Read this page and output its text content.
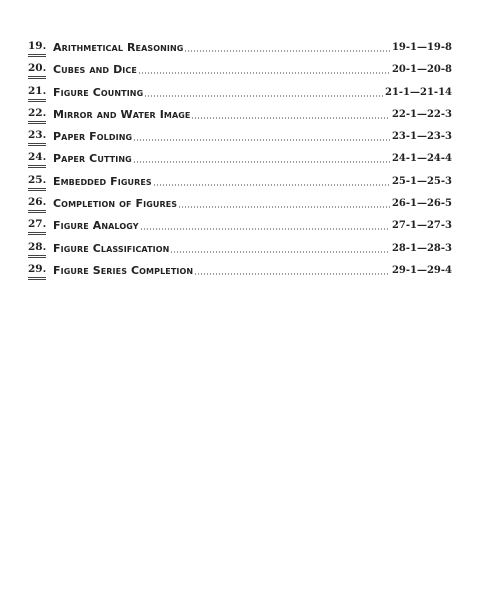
19. Arithmetical Reasoning	19-1—19-8
20. Cubes and Dice	20-1—20-8
21. Figure Counting	21-1—21-14
22. Mirror and Water Image	22-1—22-3
23. Paper Folding	23-1—23-3
24. Paper Cutting	24-1—24-4
25. Embedded Figures	25-1—25-3
26. Completion of Figures	26-1—26-5
27. Figure Analogy	27-1—27-3
28. Figure Classification	28-1—28-3
29. Figure Series Completion	29-1—29-4
